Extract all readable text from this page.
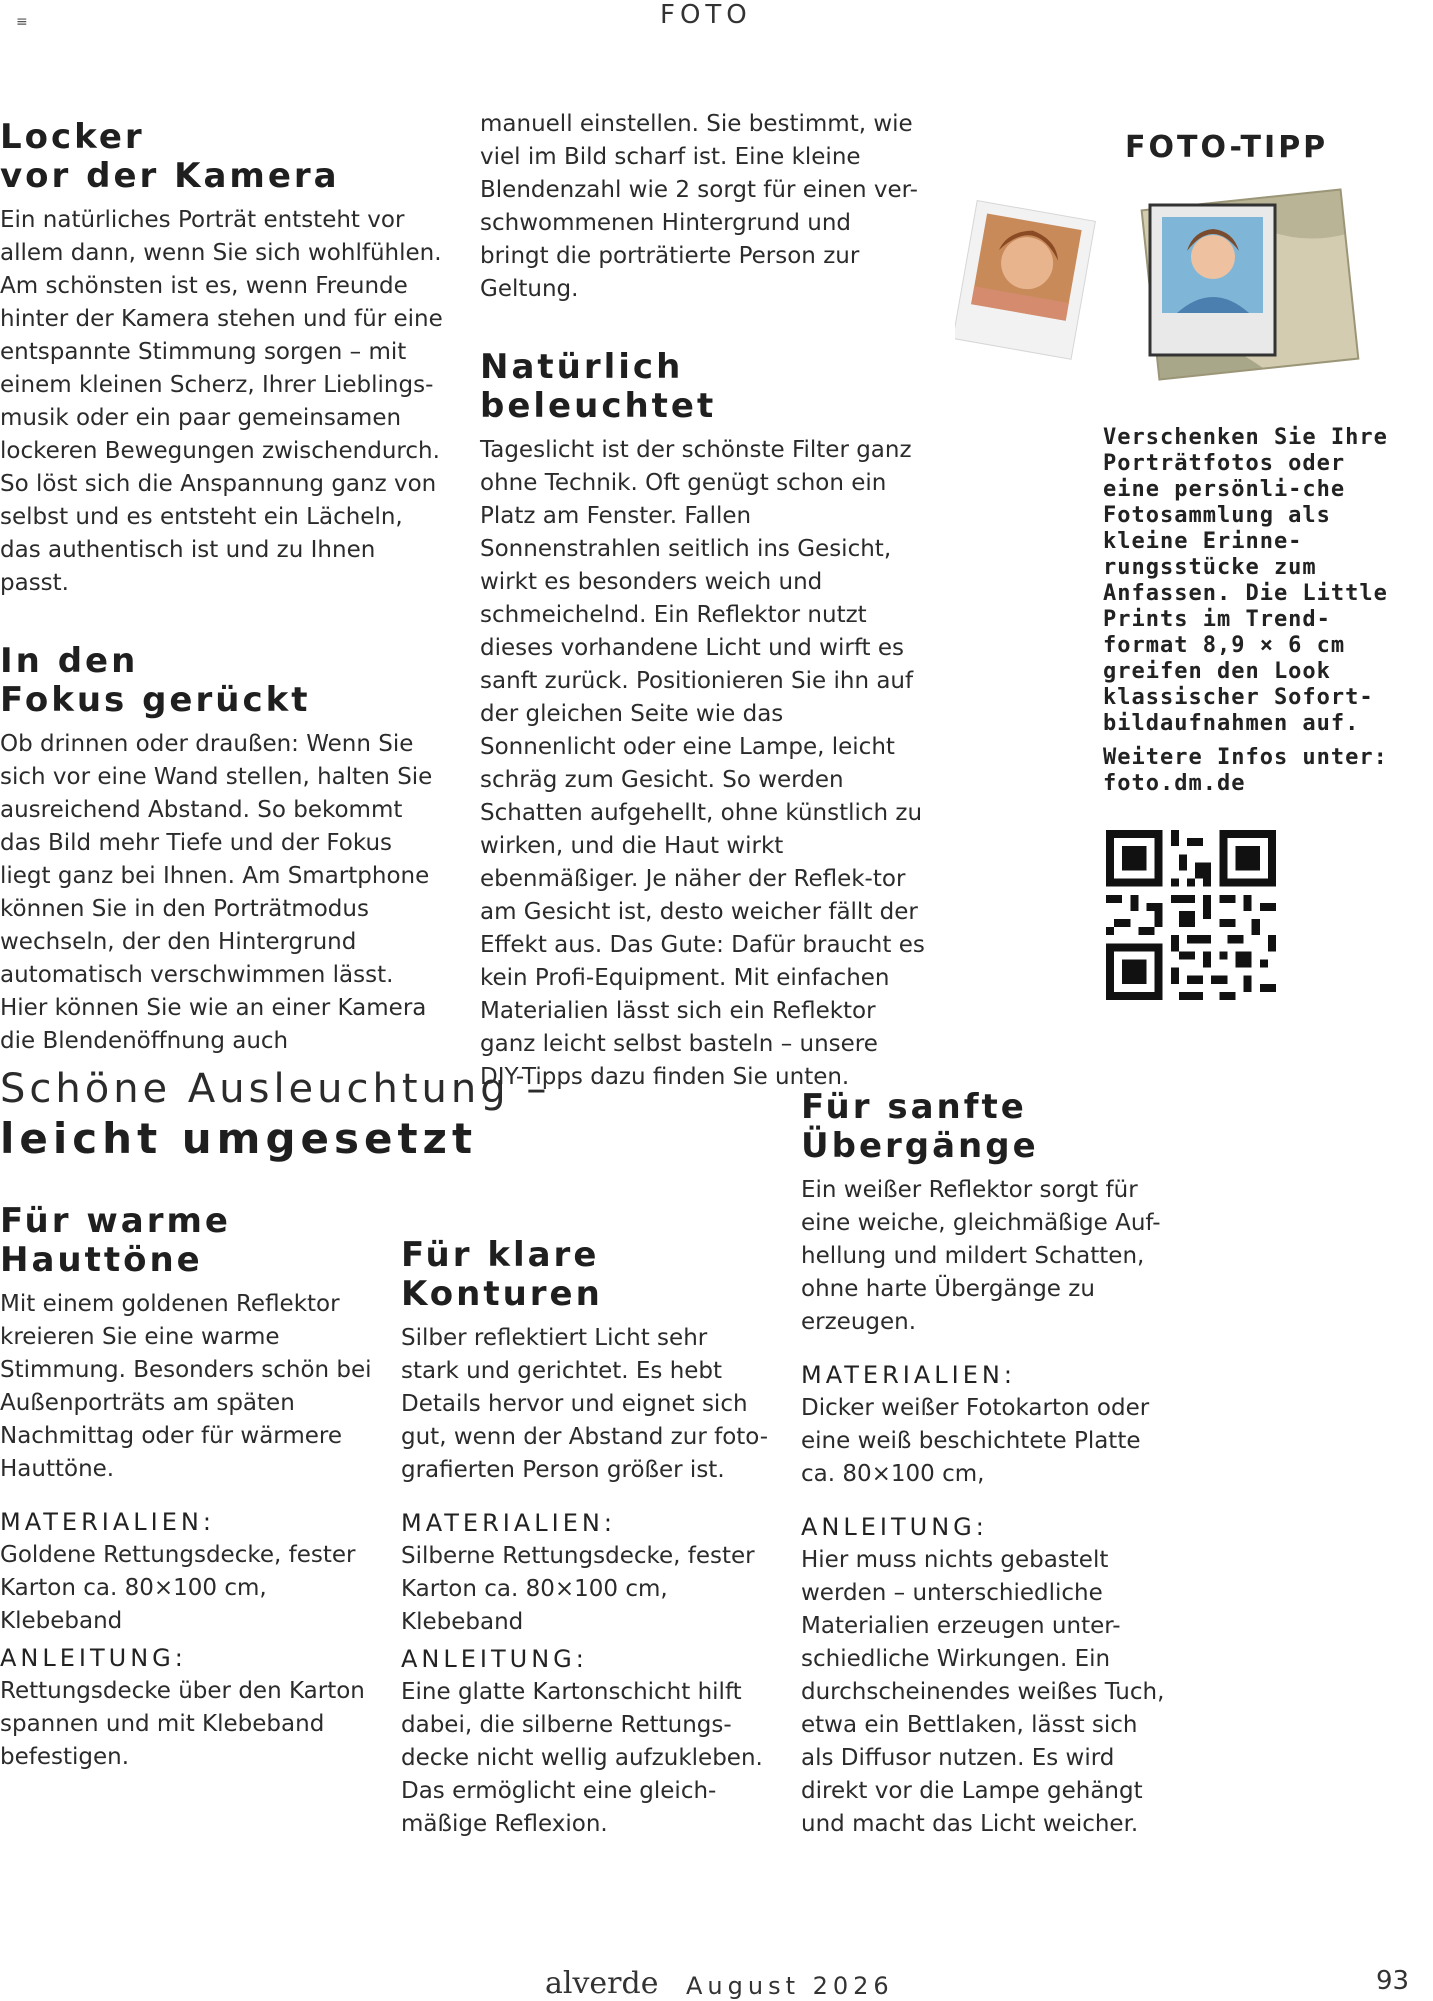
≡	FOTO
Locker
vor der Kamera

Ein natürliches Porträt entsteht vor allem dann, wenn Sie sich wohlfühlen. Am schönsten ist es, wenn Freunde hinter der Kamera stehen und für eine entspannte Stimmung sorgen – mit einem kleinen Scherz, Ihrer Lieblings-musik oder ein paar gemeinsamen lockeren Bewegungen zwischendurch. So löst sich die Anspannung ganz von selbst und es entsteht ein Lächeln, das authentisch ist und zu Ihnen passt.

In den
Fokus gerückt

Ob drinnen oder draußen: Wenn Sie sich vor eine Wand stellen, halten Sie ausreichend Abstand. So bekommt das Bild mehr Tiefe und der Fokus liegt ganz bei Ihnen. Am Smartphone können Sie in den Porträtmodus wechseln, der den Hintergrund automatisch verschwimmen lässt. Hier können Sie wie an einer Kamera die Blendenöffnung auch

manuell einstellen. Sie bestimmt, wie viel im Bild scharf ist. Eine kleine Blendenzahl wie 2 sorgt für einen ver-schwommenen Hintergrund und bringt die porträtierte Person zur Geltung.

Natürlich
beleuchtet

Tageslicht ist der schönste Filter ganz ohne Technik. Oft genügt schon ein Platz am Fenster. Fallen Sonnenstrahlen seitlich ins Gesicht, wirkt es besonders weich und schmeichelnd. Ein Reflektor nutzt dieses vorhandene Licht und wirft es sanft zurück. Positionieren Sie ihn auf der gleichen Seite wie das Sonnenlicht oder eine Lampe, leicht schräg zum Gesicht. So werden Schatten aufgehellt, ohne künstlich zu wirken, und die Haut wirkt ebenmäßiger. Je näher der Reflek-tor am Gesicht ist, desto weicher fällt der Effekt aus. Das Gute: Dafür braucht es kein Profi-Equipment. Mit einfachen Materialien lässt sich ein Reflektor ganz leicht selbst basteln – unsere DIY-Tipps dazu finden Sie unten.

FOTO-TIPP

Verschenken Sie Ihre Porträtfotos oder eine persönli-che Fotosammlung als kleine Erinne-rungsstücke zum Anfassen. Die Little Prints im Trend-format 8,9 × 6 cm greifen den Look klassischer Sofort-bildaufnahmen auf.

Weitere Infos unter: foto.dm.de

Schöne Ausleuchtung –

leicht umgesetzt

Für warme
Hauttöne

Mit einem goldenen Reflektor kreieren Sie eine warme Stimmung. Besonders schön bei Außenporträts am späten Nachmittag oder für wärmere Hauttöne.

MATERIALIEN:

Goldene Rettungsdecke, fester Karton ca. 80×100 cm, Klebeband

ANLEITUNG:

Rettungsdecke über den Karton spannen und mit Klebeband befestigen.

Für klare
Konturen

Silber reflektiert Licht sehr stark und gerichtet. Es hebt Details hervor und eignet sich gut, wenn der Abstand zur foto-grafierten Person größer ist.

MATERIALIEN:

Silberne Rettungsdecke, fester Karton ca. 80×100 cm, Klebeband

ANLEITUNG:

Eine glatte Kartonschicht hilft dabei, die silberne Rettungs-decke nicht wellig aufzukleben. Das ermöglicht eine gleich-mäßige Reflexion.

Für sanfte
Übergänge

Ein weißer Reflektor sorgt für eine weiche, gleichmäßige Auf-hellung und mildert Schatten, ohne harte Übergänge zu erzeugen.

MATERIALIEN:

Dicker weißer Fotokarton oder eine weiß beschichtete Platte ca. 80×100 cm,

ANLEITUNG:

Hier muss nichts gebastelt werden – unterschiedliche Materialien erzeugen unter-schiedliche Wirkungen. Ein durchscheinendes weißes Tuch, etwa ein Bettlaken, lässt sich als Diffusor nutzen. Es wird direkt vor die Lampe gehängt und macht das Licht weicher.

alverde August 2026	93
